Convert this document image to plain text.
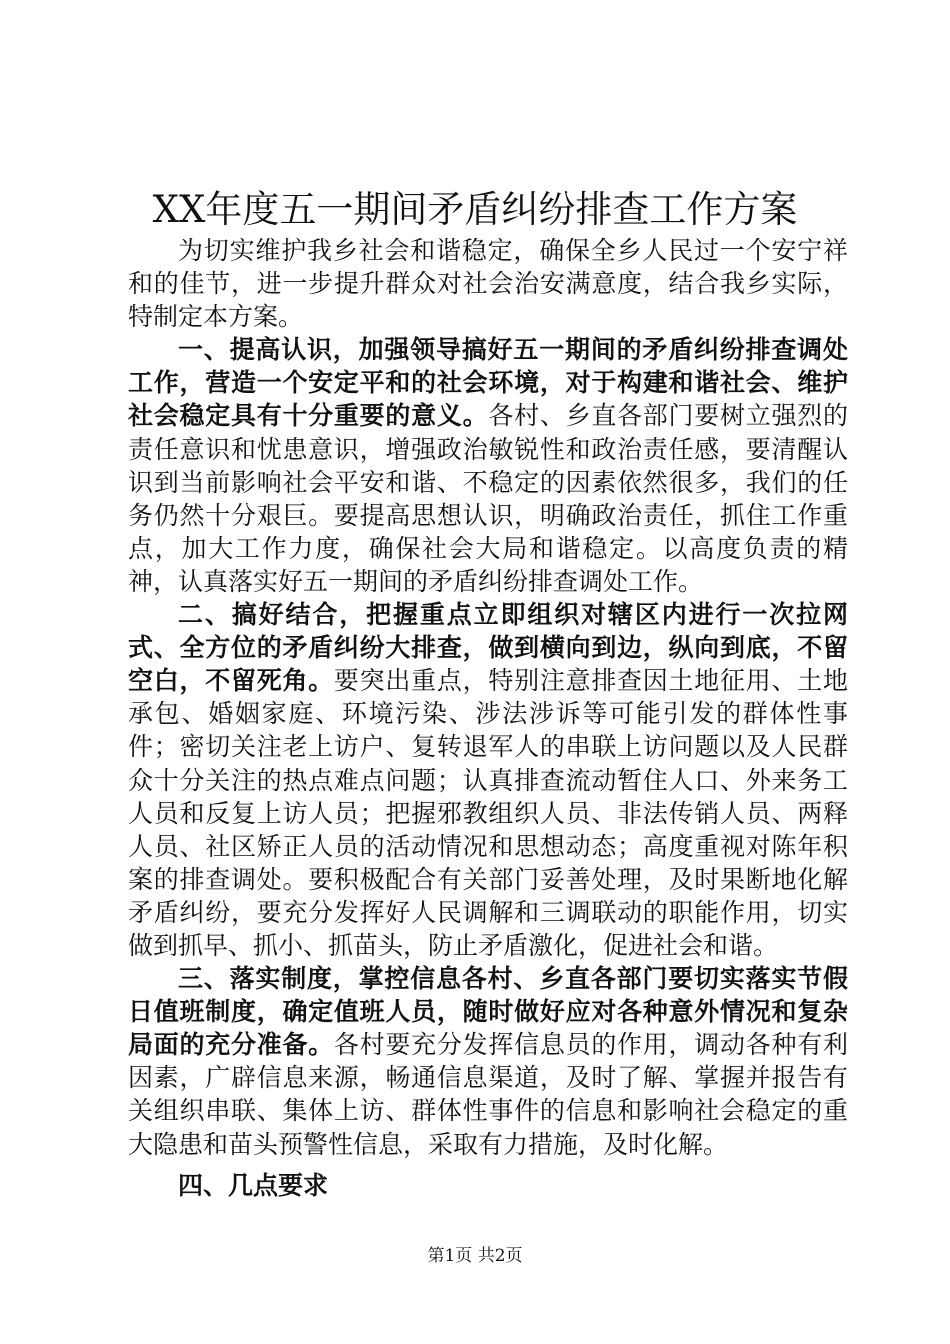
XX年度五一期间矛盾纠纷排查工作方案

为切实维护我乡社会和谐稳定，确保全乡人民过一个安宁祥和的佳节，进一步提升群众对社会治安满意度，结合我乡实际，特制定本方案。

一、提高认识，加强领导搞好五一期间的矛盾纠纷排查调处工作，营造一个安定平和的社会环境，对于构建和谐社会、维护社会稳定具有十分重要的意义。各村、乡直各部门要树立强烈的责任意识和忧患意识，增强政治敏锐性和政治责任感，要清醒认识到当前影响社会平安和谐、不稳定的因素依然很多，我们的任务仍然十分艰巨。要提高思想认识，明确政治责任，抓住工作重点，加大工作力度，确保社会大局和谐稳定。以高度负责的精神，认真落实好五一期间的矛盾纠纷排查调处工作。

二、搞好结合，把握重点立即组织对辖区内进行一次拉网式、全方位的矛盾纠纷大排查，做到横向到边，纵向到底，不留空白，不留死角。要突出重点，特别注意排查因土地征用、土地承包、婚姻家庭、环境污染、涉法涉诉等可能引发的群体性事件；密切关注老上访户、复转退军人的串联上访问题以及人民群众十分关注的热点难点问题；认真排查流动暂住人口、外来务工人员和反复上访人员；把握邪教组织人员、非法传销人员、两释人员、社区矫正人员的活动情况和思想动态；高度重视对陈年积案的排查调处。要积极配合有关部门妥善处理，及时果断地化解矛盾纠纷，要充分发挥好人民调解和三调联动的职能作用，切实做到抓早、抓小、抓苗头，防止矛盾激化，促进社会和谐。

三、落实制度，掌控信息各村、乡直各部门要切实落实节假日值班制度，确定值班人员，随时做好应对各种意外情况和复杂局面的充分准备。各村要充分发挥信息员的作用，调动各种有利因素，广辟信息来源，畅通信息渠道，及时了解、掌握并报告有关组织串联、集体上访、群体性事件的信息和影响社会稳定的重大隐患和苗头预警性信息，采取有力措施，及时化解。

四、几点要求

第1页 共2页
